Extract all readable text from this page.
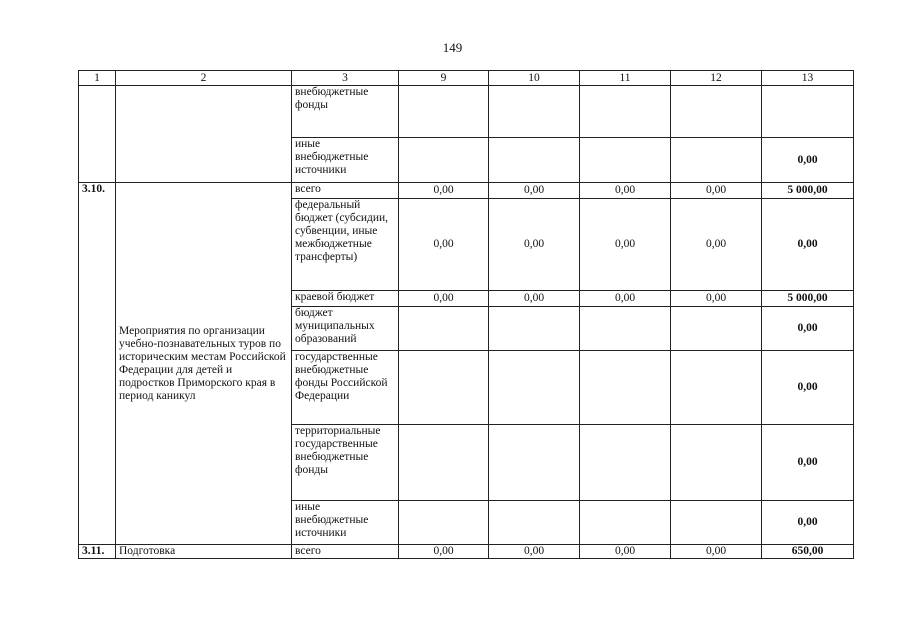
149
1	2	3	9	10	11	12	13
		внебюджетные фонды					
		иные внебюджетные источники					0,00
3.10.	Мероприятия по организации учебно-познавательных туров по историческим местам Российской Федерации для детей и подростков Приморского края в период каникул	всего	0,00	0,00	0,00	0,00	5 000,00
		федеральный бюджет (субсидии, субвенции, иные межбюджетные трансферты)	0,00	0,00	0,00	0,00	0,00
		краевой бюджет	0,00	0,00	0,00	0,00	5 000,00
		бюджет муниципальных образований					0,00
		государственные внебюджетные фонды Российской Федерации					0,00
		территориальные государственные внебюджетные фонды					0,00
		иные внебюджетные источники					0,00
3.11.	Подготовка	всего	0,00	0,00	0,00	0,00	650,00
